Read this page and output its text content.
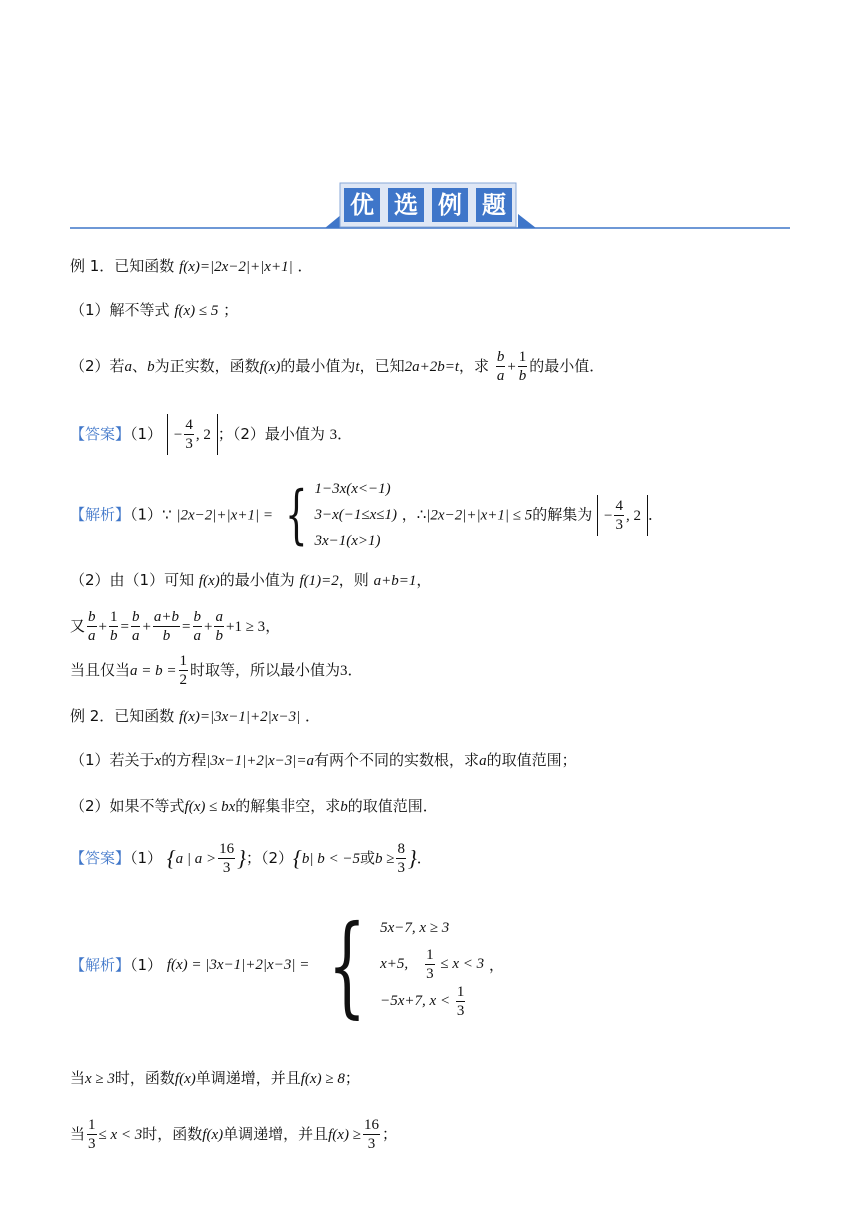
优 选 例 题
例 1．已知函数 f(x)=|2x−2|+|x+1| ．
（1）解不等式 f(x) ≤ 5 ；
（2）若a、b为正实数，函数f(x)的最小值为t，已知2a+2b=t，求 $\frac{b}{a} + \frac{1}{b}$ 的最小值．
【答案】$(1) - \frac{4}{3}$ , 2 ；（2）最小值为 3．
【解析】（1）∵ |2x−2|+|x+1| = { 1−3x(x<−1)
3−x(−1≤x≤1)
3x−1(x>1)
，∴|2x−2|+|x+1| ≤ 5的解集为 − $\frac{4}{3}$ , 2 ．
（2）由（1）可知 f(x)的最小值为 f(1)=2，则 a+b=1，
又 $\frac{b}{a} + \frac{1}{b} = \frac{b}{a} + \frac{a+b}{b} = \frac{b}{a} + \frac{a}{b} +1 \ge 3$，
当且仅当$a = b = \frac{1}{2}$ 时取等，所以最小值为3．
例 2．已知函数 f(x)=|3x−1|+2|x−3| ．
（1）若关于x的方程|3x−1|+2|x−3|=a有两个不同的实数根，求a的取值范围；
（2）如果不等式f(x) ≤ bx的解集非空，求b的取值范围．
【答案】（1） {a | $a > \frac{16}{3}$ }；（2）{b| b < −5或$b \ge \frac{8}{3}$ }．
【解析】（1） f(x) = |3x−1|+2|x−3| = { 5x−7, x ≥ 3
x+5, $\frac{1}{3} \le x < 3$
−5x+7, $x < \frac{1}{3}$
，
当x ≥ 3时，函数f(x)单调递增，并且f(x) ≥ 8；
当 $\frac{1}{3} \le x < 3$时，函数f(x)单调递增，并且$f(x) \ge \frac{16}{3}$ ；
